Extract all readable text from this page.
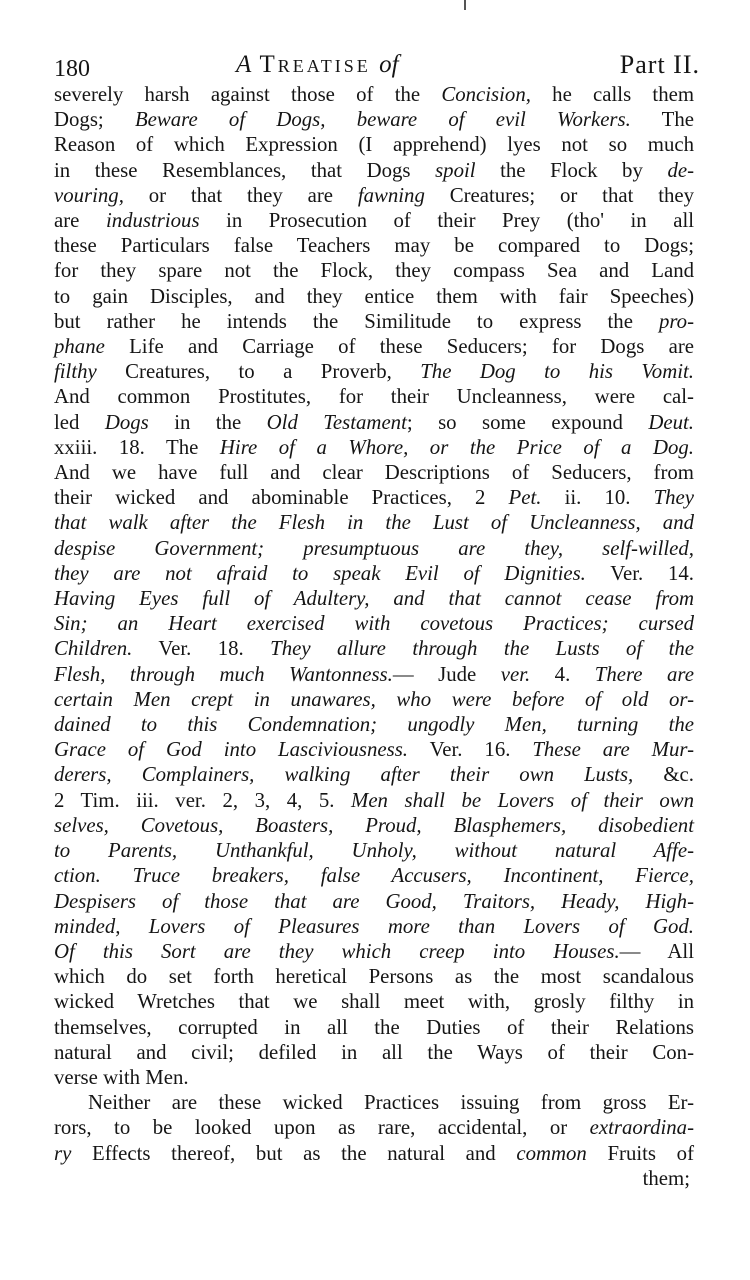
180	A Treatise of	Part II.
severely harsh against those of the Concision, he calls them
Dogs; Beware of Dogs, beware of evil Workers. The
Reason of which Expression (I apprehend) lyes not so much
in these Resemblances, that Dogs spoil the Flock by de-
vouring, or that they are fawning Creatures; or that they
are industrious in Prosecution of their Prey (tho' in all
these Particulars false Teachers may be compared to Dogs;
for they spare not the Flock, they compass Sea and Land
to gain Disciples, and they entice them with fair Speeches)
but rather he intends the Similitude to express the pro-
phane Life and Carriage of these Seducers; for Dogs are
filthy Creatures, to a Proverb, The Dog to his Vomit.
And common Prostitutes, for their Uncleanness, were cal-
led Dogs in the Old Testament; so some expound Deut.
xxiii. 18. The Hire of a Whore, or the Price of a Dog.
And we have full and clear Descriptions of Seducers, from
their wicked and abominable Practices, 2 Pet. ii. 10. They
that walk after the Flesh in the Lust of Uncleanness, and
despise Government; presumptuous are they, self-willed,
they are not afraid to speak Evil of Dignities. Ver. 14.
Having Eyes full of Adultery, and that cannot cease from
Sin; an Heart exercised with covetous Practices; cursed
Children. Ver. 18. They allure through the Lusts of the
Flesh, through much Wantonness.— Jude ver. 4. There are
certain Men crept in unawares, who were before of old or-
dained to this Condemnation; ungodly Men, turning the
Grace of God into Lasciviousness. Ver. 16. These are Mur-
derers, Complainers, walking after their own Lusts, &c.
2 Tim. iii. ver. 2, 3, 4, 5. Men shall be Lovers of their own
selves, Covetous, Boasters, Proud, Blasphemers, disobedient
to Parents, Unthankful, Unholy, without natural Affe-
ction. Truce breakers, false Accusers, Incontinent, Fierce,
Despisers of those that are Good, Traitors, Heady, High-
minded, Lovers of Pleasures more than Lovers of God.
Of this Sort are they which creep into Houses.— All
which do set forth heretical Persons as the most scandalous
wicked Wretches that we shall meet with, grosly filthy in
themselves, corrupted in all the Duties of their Relations
natural and civil; defiled in all the Ways of their Con-
verse with Men.
Neither are these wicked Practices issuing from gross Er-
rors, to be looked upon as rare, accidental, or extraordina-
ry Effects thereof, but as the natural and common Fruits of
them;
